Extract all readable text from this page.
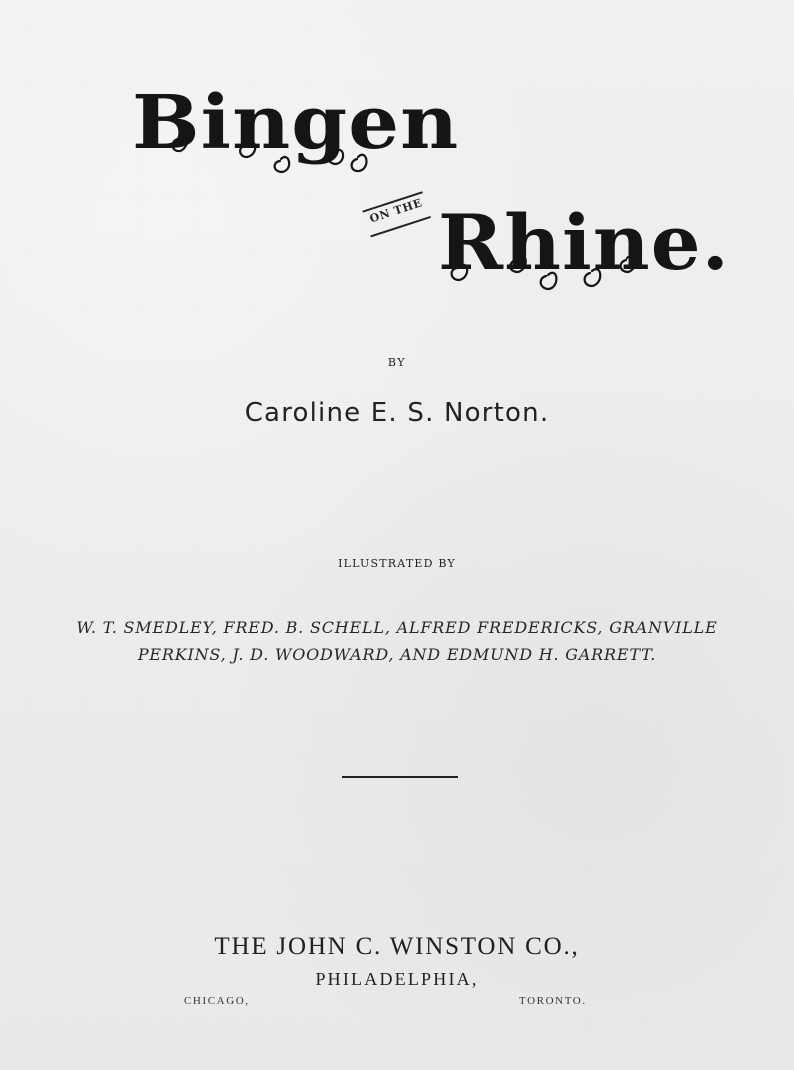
Bingen
ON THE Rhine.
BY
Caroline E. S. Norton.
ILLUSTRATED BY
W. T. SMEDLEY, FRED. B. SCHELL, ALFRED FREDERICKS, GRANVILLE
PERKINS, J. D. WOODWARD, AND EDMUND H. GARRETT.
THE JOHN C. WINSTON CO.,
PHILADELPHIA,
CHICAGO,	TORONTO.
